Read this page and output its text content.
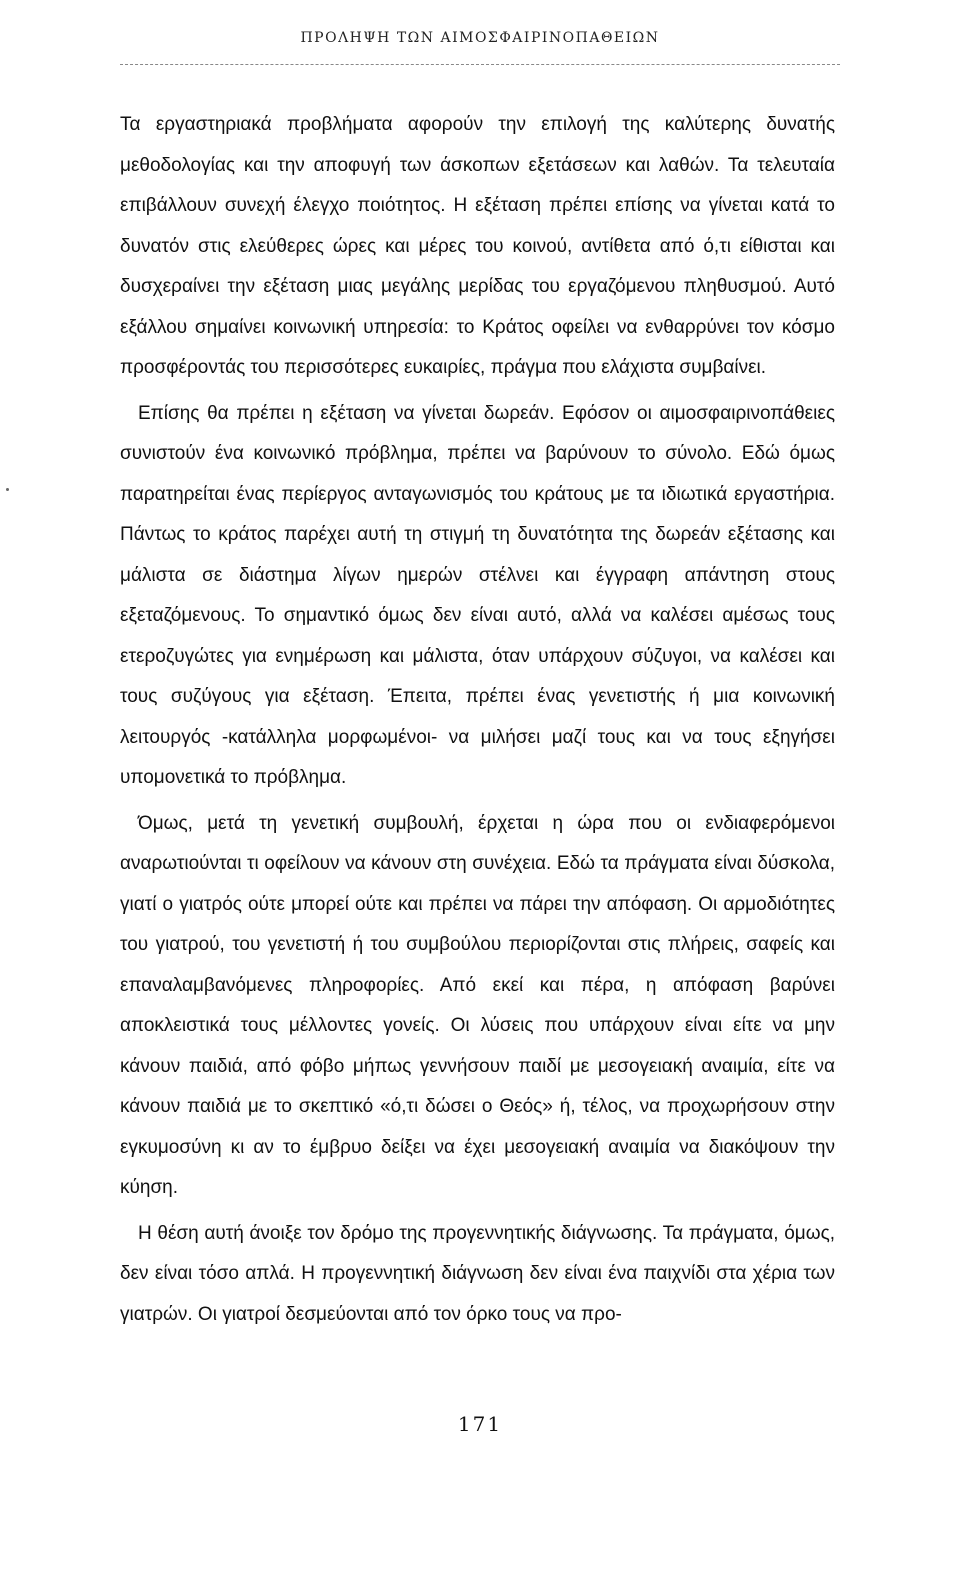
ΠΡΟΛΗΨΗ ΤΩΝ ΑΙΜΟΣΦΑΙΡΙΝΟΠΑΘΕΙΩΝ

Τα εργαστηριακά προβλήματα αφορούν την επιλογή της καλύτερης δυνατής μεθοδολογίας και την αποφυγή των άσκοπων εξετάσεων και λαθών. Τα τελευταία επιβάλλουν συνεχή έλεγχο ποιότητος. Η εξέταση πρέπει επίσης να γίνεται κατά το δυνατόν στις ελεύθερες ώρες και μέρες του κοινού, αντίθετα από ό,τι είθισται και δυσχεραίνει την εξέταση μιας μεγάλης μερίδας του εργαζόμενου πληθυσμού. Αυτό εξάλλου σημαίνει κοινωνική υπηρεσία: το Κράτος οφείλει να ενθαρρύνει τον κόσμο προσφέροντάς του περισσότερες ευκαιρίες, πράγμα που ελάχιστα συμβαίνει.

Επίσης θα πρέπει η εξέταση να γίνεται δωρεάν. Εφόσον οι αιμοσφαιρινοπάθειες συνιστούν ένα κοινωνικό πρόβλημα, πρέπει να βαρύνουν το σύνολο. Εδώ όμως παρατηρείται ένας περίεργος ανταγωνισμός του κράτους με τα ιδιωτικά εργαστήρια. Πάντως το κράτος παρέχει αυτή τη στιγμή τη δυνατότητα της δωρεάν εξέτασης και μάλιστα σε διάστημα λίγων ημερών στέλνει και έγγραφη απάντηση στους εξεταζόμενους. Το σημαντικό όμως δεν είναι αυτό, αλλά να καλέσει αμέσως τους ετεροζυγώτες για ενημέρωση και μάλιστα, όταν υπάρχουν σύζυγοι, να καλέσει και τους συζύγους για εξέταση. Έπειτα, πρέπει ένας γενετιστής ή μια κοινωνική λειτουργός -κατάλληλα μορφωμένοι- να μιλήσει μαζί τους και να τους εξηγήσει υπομονετικά το πρόβλημα.

Όμως, μετά τη γενετική συμβουλή, έρχεται η ώρα που οι ενδιαφερόμενοι αναρωτιούνται τι οφείλουν να κάνουν στη συνέχεια. Εδώ τα πράγματα είναι δύσκολα, γιατί ο γιατρός ούτε μπορεί ούτε και πρέπει να πάρει την απόφαση. Οι αρμοδιότητες του γιατρού, του γενετιστή ή του συμβούλου περιορίζονται στις πλήρεις, σαφείς και επαναλαμβανόμενες πληροφορίες. Από εκεί και πέρα, η απόφαση βαρύνει αποκλειστικά τους μέλλοντες γονείς. Οι λύσεις που υπάρχουν είναι είτε να μην κάνουν παιδιά, από φόβο μήπως γεννήσουν παιδί με μεσογειακή αναιμία, είτε να κάνουν παιδιά με το σκεπτικό «ό,τι δώσει ο Θεός» ή, τέλος, να προχωρήσουν στην εγκυμοσύνη κι αν το έμβρυο δείξει να έχει μεσογειακή αναιμία να διακόψουν την κύηση.

Η θέση αυτή άνοιξε τον δρόμο της προγεννητικής διάγνωσης. Τα πράγματα, όμως, δεν είναι τόσο απλά. Η προγεννητική διάγνωση δεν είναι ένα παιχνίδι στα χέρια των γιατρών. Οι γιατροί δεσμεύονται από τον όρκο τους να προ-

171
